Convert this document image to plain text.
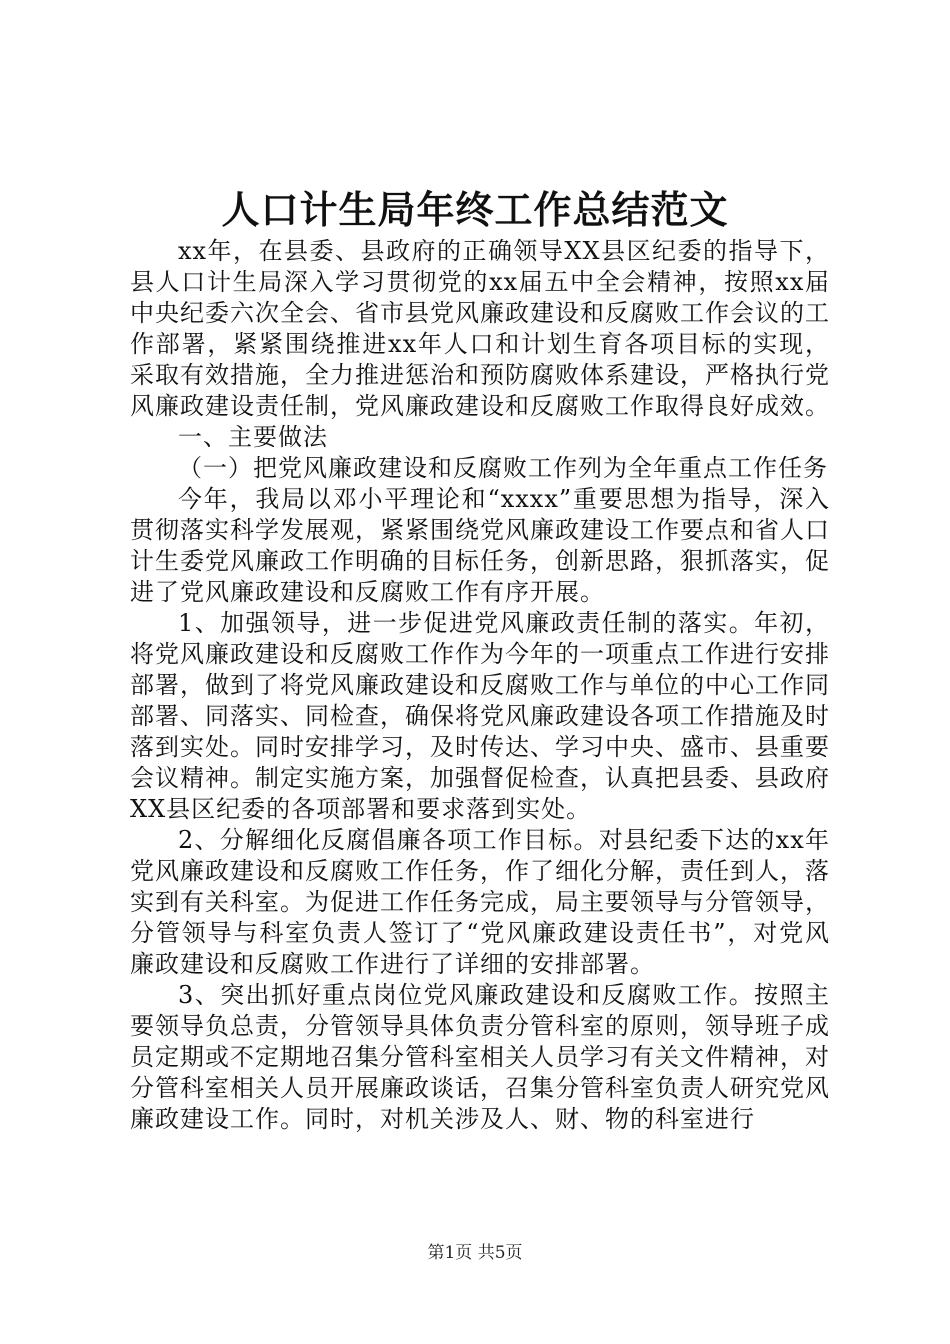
人口计生局年终工作总结范文

xx年，在县委、县政府的正确领导XX县区纪委的指导下，县人口计生局深入学习贯彻党的xx届五中全会精神，按照xx届中央纪委六次全会、省市县党风廉政建设和反腐败工作会议的工作部署，紧紧围绕推进xx年人口和计划生育各项目标的实现，采取有效措施，全力推进惩治和预防腐败体系建设，严格执行党风廉政建设责任制，党风廉政建设和反腐败工作取得良好成效。

一、主要做法

（一）把党风廉政建设和反腐败工作列为全年重点工作任务

今年，我局以邓小平理论和“xxxx”重要思想为指导，深入贯彻落实科学发展观，紧紧围绕党风廉政建设工作要点和省人口计生委党风廉政工作明确的目标任务，创新思路，狠抓落实，促进了党风廉政建设和反腐败工作有序开展。

1、加强领导，进一步促进党风廉政责任制的落实。年初，将党风廉政建设和反腐败工作作为今年的一项重点工作进行安排部署，做到了将党风廉政建设和反腐败工作与单位的中心工作同部署、同落实、同检查，确保将党风廉政建设各项工作措施及时落到实处。同时安排学习，及时传达、学习中央、盛市、县重要会议精神。制定实施方案，加强督促检查，认真把县委、县政府XX县区纪委的各项部署和要求落到实处。

2、分解细化反腐倡廉各项工作目标。对县纪委下达的xx年党风廉政建设和反腐败工作任务，作了细化分解，责任到人，落实到有关科室。为促进工作任务完成，局主要领导与分管领导，分管领导与科室负责人签订了“党风廉政建设责任书”，对党风廉政建设和反腐败工作进行了详细的安排部署。

3、突出抓好重点岗位党风廉政建设和反腐败工作。按照主要领导负总责，分管领导具体负责分管科室的原则，领导班子成员定期或不定期地召集分管科室相关人员学习有关文件精神，对分管科室相关人员开展廉政谈话，召集分管科室负责人研究党风廉政建设工作。同时，对机关涉及人、财、物的科室进行

第1页 共5页
